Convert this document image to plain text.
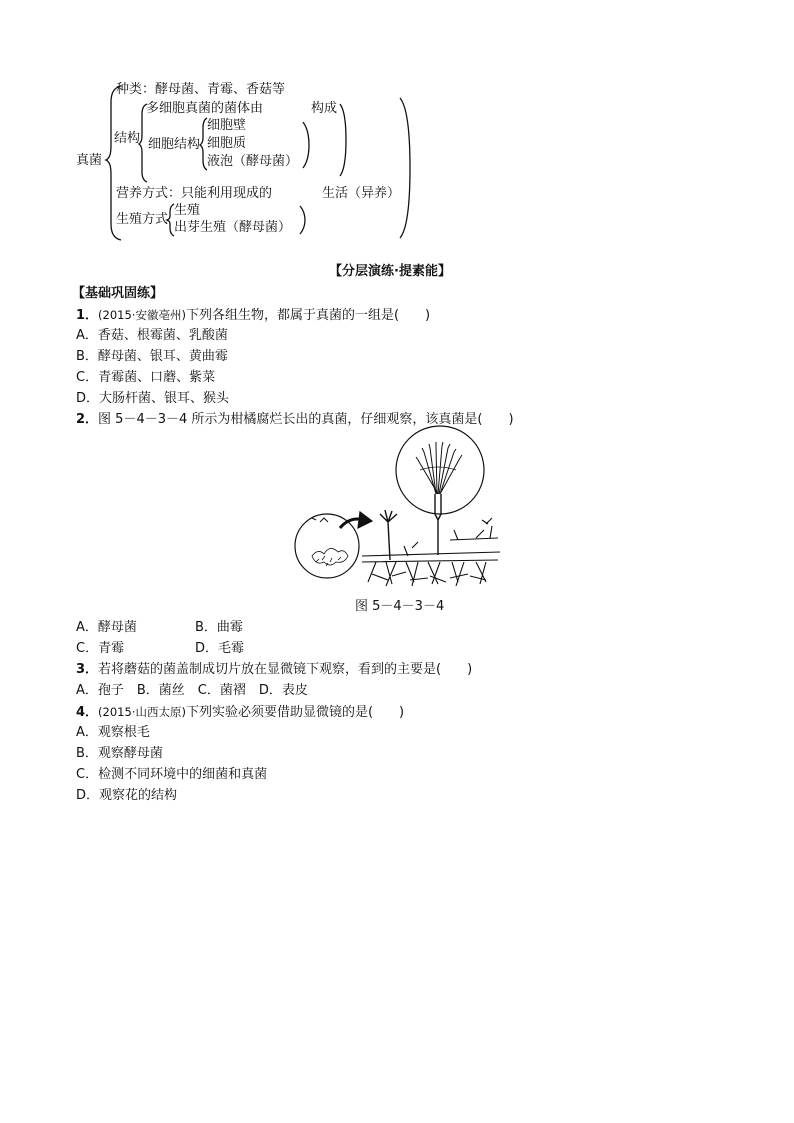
真菌
种类：酵母菌、青霉、香菇等
多细胞真菌的菌体由	构成
结构 细胞结构
细胞壁
细胞质
液泡（酵母菌）
营养方式：只能利用现成的	生活（异养）
生殖方式
生殖
出芽生殖（酵母菌）
【分层演练·提素能】
【基础巩固练】
1．(2015·安徽亳州)下列各组生物，都属于真菌的一组是(　　)
A．香菇、根霉菌、乳酸菌
B．酵母菌、银耳、黄曲霉
C．青霉菌、口蘑、紫菜
D．大肠杆菌、银耳、猴头
2．图 5－4－3－4 所示为柑橘腐烂长出的真菌，仔细观察，该真菌是(　　)
图 5－4－3－4
A．酵母菌	B．曲霉
C．青霉	D．毛霉
3．若将蘑菇的菌盖制成切片放在显微镜下观察，看到的主要是(　　)
A．孢子　B．菌丝　C．菌褶　D．表皮
4．(2015·山西太原)下列实验必须要借助显微镜的是(　　)
A．观察根毛
B．观察酵母菌
C．检测不同环境中的细菌和真菌
D．观察花的结构
